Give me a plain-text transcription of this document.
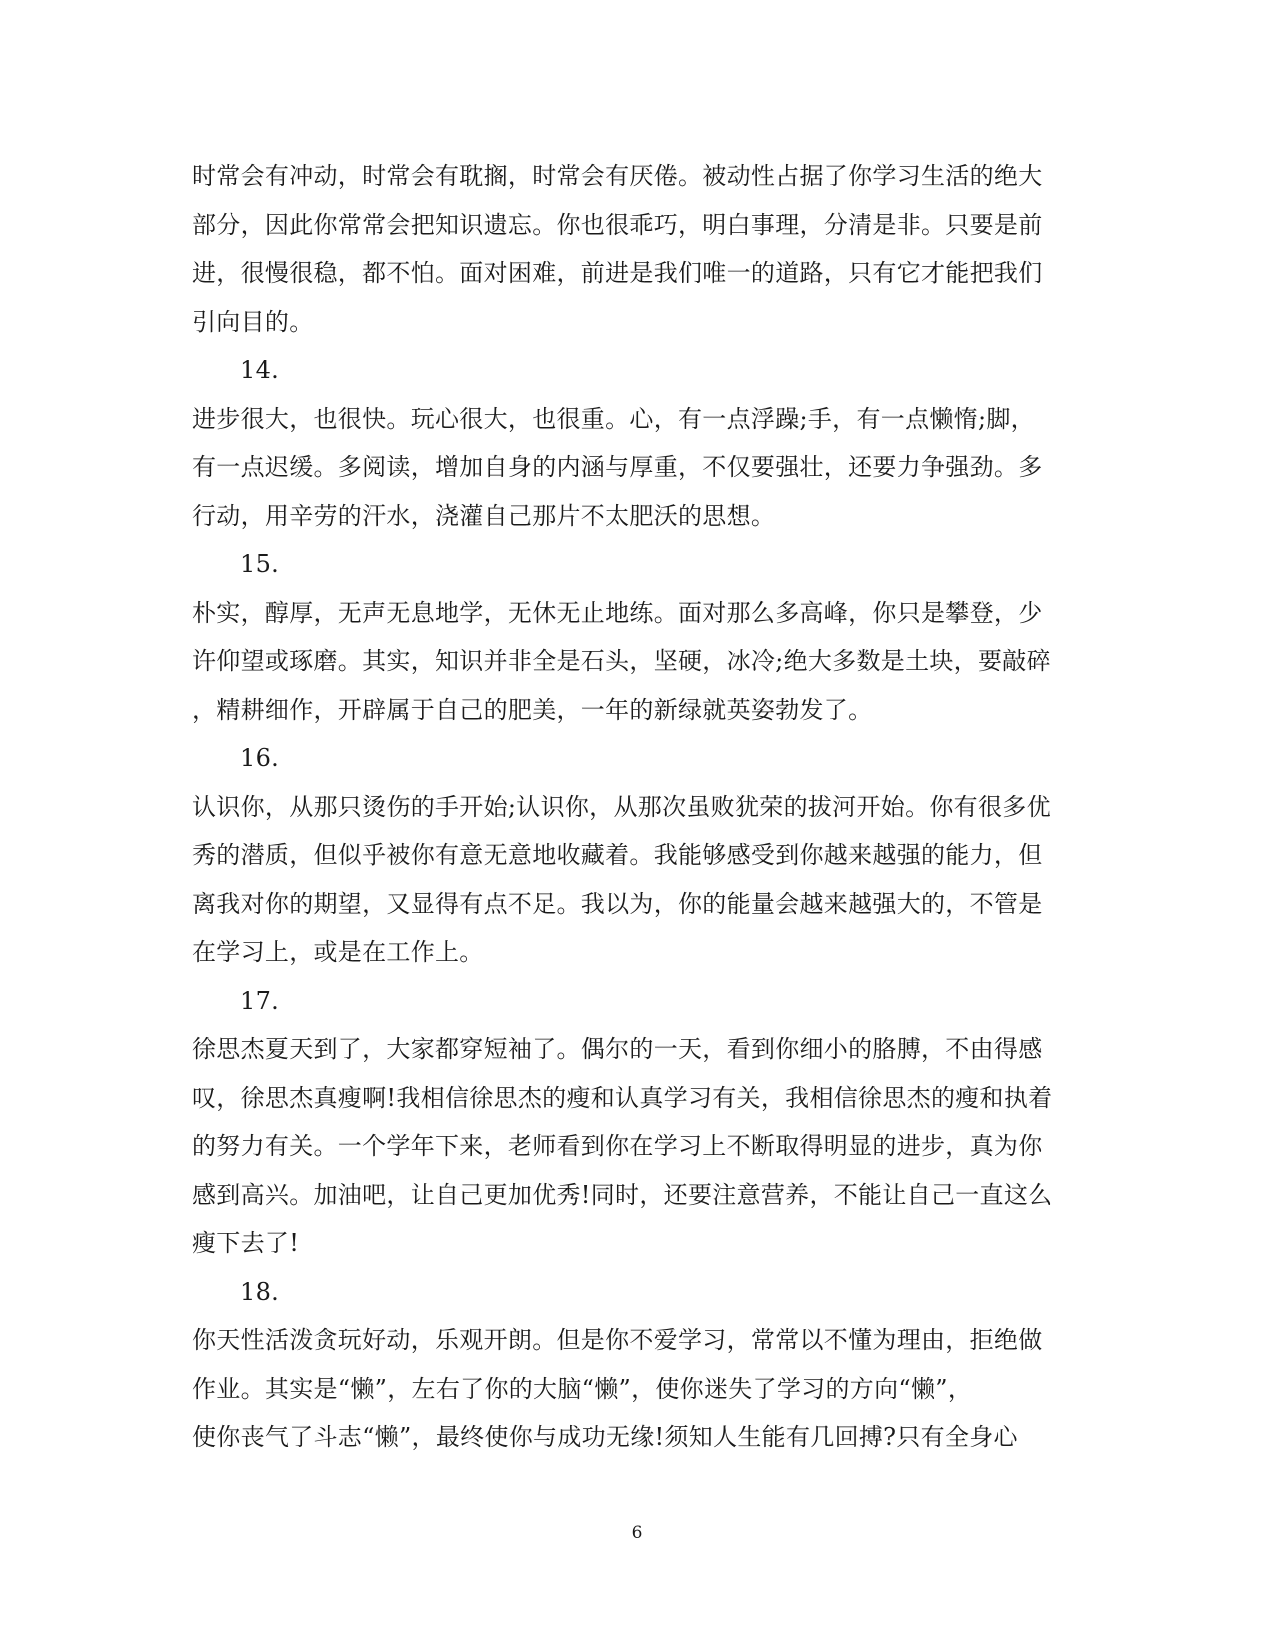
时常会有冲动，时常会有耽搁，时常会有厌倦。被动性占据了你学习生活的绝大
部分，因此你常常会把知识遗忘。你也很乖巧，明白事理，分清是非。只要是前
进，很慢很稳，都不怕。面对困难，前进是我们唯一的道路，只有它才能把我们
引向目的。
14.
进步很大，也很快。玩心很大，也很重。心，有一点浮躁;手，有一点懒惰;脚，
有一点迟缓。多阅读，增加自身的内涵与厚重，不仅要强壮，还要力争强劲。多
行动，用辛劳的汗水，浇灌自己那片不太肥沃的思想。
15.
朴实，醇厚，无声无息地学，无休无止地练。面对那么多高峰，你只是攀登，少
许仰望或琢磨。其实，知识并非全是石头，坚硬，冰冷;绝大多数是土块，要敲碎
，精耕细作，开辟属于自己的肥美，一年的新绿就英姿勃发了。
16.
认识你，从那只烫伤的手开始;认识你，从那次虽败犹荣的拔河开始。你有很多优
秀的潜质，但似乎被你有意无意地收藏着。我能够感受到你越来越强的能力，但
离我对你的期望，又显得有点不足。我以为，你的能量会越来越强大的，不管是
在学习上，或是在工作上。
17.
徐思杰夏天到了，大家都穿短袖了。偶尔的一天，看到你细小的胳膊，不由得感
叹，徐思杰真瘦啊!我相信徐思杰的瘦和认真学习有关，我相信徐思杰的瘦和执着
的努力有关。一个学年下来，老师看到你在学习上不断取得明显的进步，真为你
感到高兴。加油吧，让自己更加优秀!同时，还要注意营养，不能让自己一直这么
瘦下去了!
18.
你天性活泼贪玩好动，乐观开朗。但是你不爱学习，常常以不懂为理由，拒绝做
作业。其实是“懒”，左右了你的大脑“懒”，使你迷失了学习的方向“懒”，
使你丧气了斗志“懒”，最终使你与成功无缘!须知人生能有几回搏?只有全身心
6
